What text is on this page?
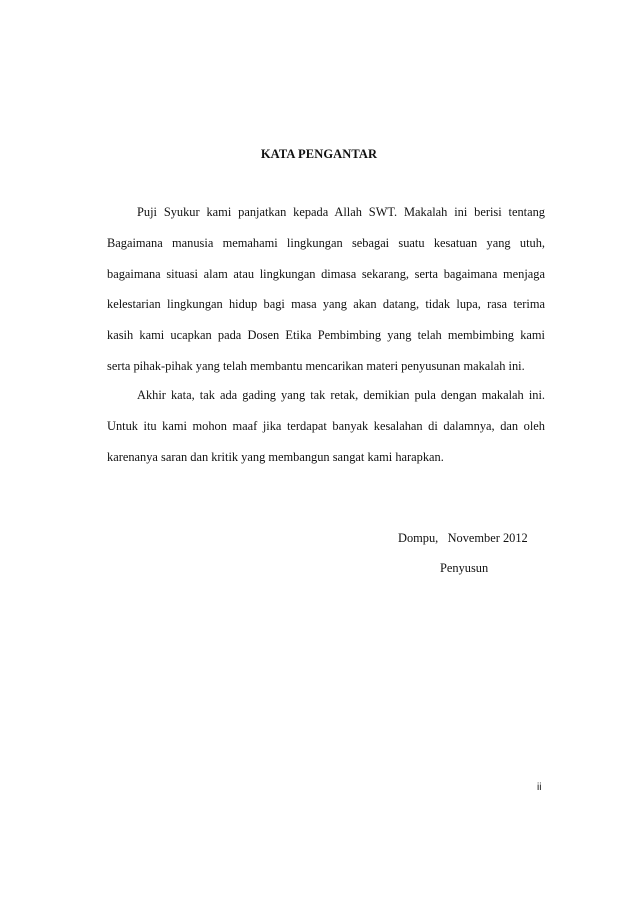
KATA PENGANTAR
Puji Syukur kami panjatkan kepada Allah SWT. Makalah ini berisi tentang
Bagaimana manusia memahami lingkungan sebagai suatu kesatuan yang utuh,
bagaimana situasi alam atau lingkungan dimasa sekarang, serta bagaimana menjaga
kelestarian lingkungan hidup bagi masa yang akan datang, tidak lupa, rasa terima
kasih kami ucapkan pada Dosen Etika Pembimbing yang telah membimbing kami
serta pihak-pihak yang telah membantu mencarikan materi penyusunan makalah ini.
Akhir kata, tak ada gading yang tak retak, demikian pula dengan makalah ini.
Untuk itu kami mohon maaf jika terdapat banyak kesalahan di dalamnya, dan oleh
karenanya saran dan kritik yang membangun sangat kami harapkan.
Dompu,   November 2012
Penyusun
ii
